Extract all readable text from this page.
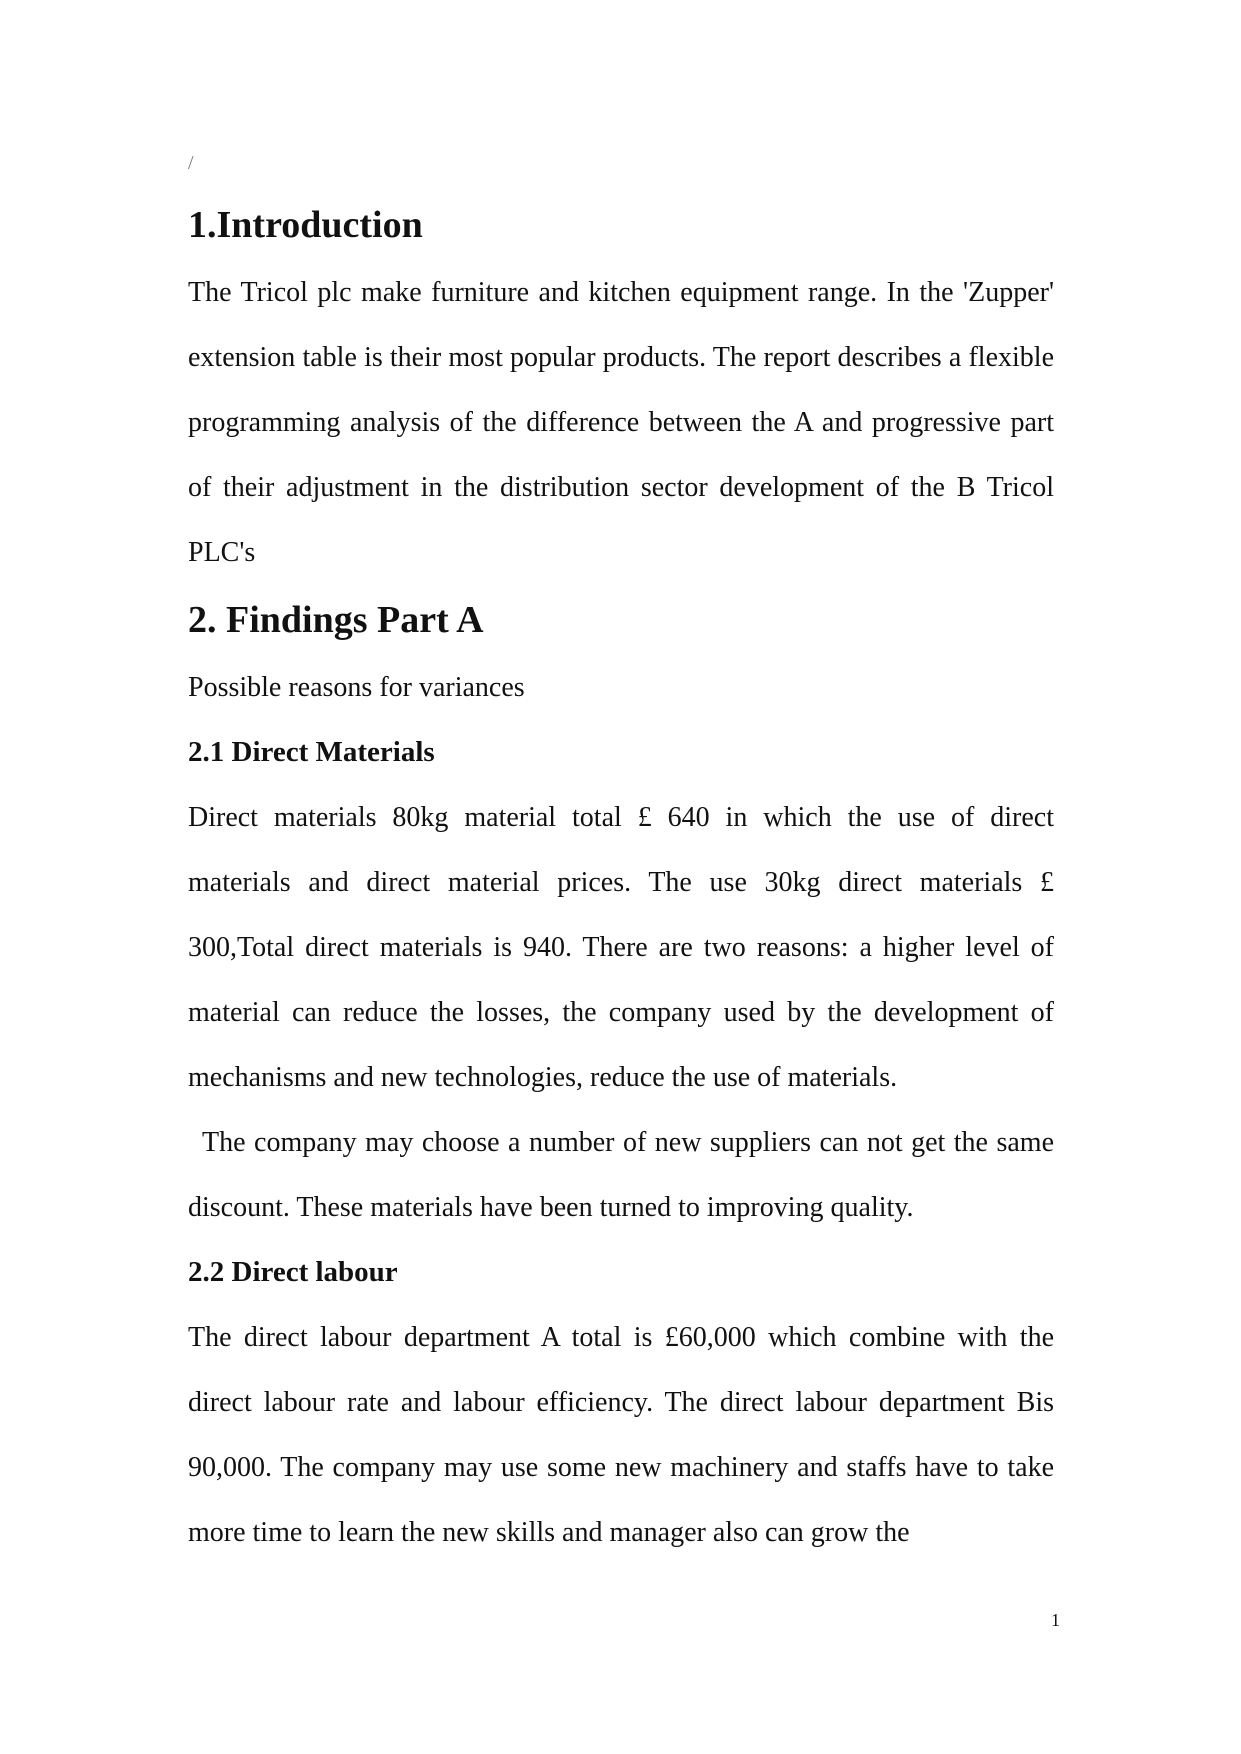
/
1.Introduction

The Tricol plc make furniture and kitchen equipment range. In the 'Zupper' extension table is their most popular products. The report describes a flexible programming analysis of the difference between the A and progressive part of their adjustment in the distribution sector development of the B Tricol PLC's

2. Findings Part A

Possible reasons for variances

2.1 Direct Materials

Direct materials 80kg material total £ 640 in which the use of direct materials and direct material prices. The use 30kg direct materials £ 300,Total direct materials is 940. There are two reasons: a higher level of material can reduce the losses, the company used by the development of mechanisms and new technologies, reduce the use of materials.

The company may choose a number of new suppliers can not get the same discount. These materials have been turned to improving quality.

2.2 Direct labour

The direct labour department A total is £60,000 which combine with the direct labour rate and labour efficiency. The direct labour department Bis 90,000. The company may use some new machinery and staffs have to take more time to learn the new skills and manager also can grow the

1
